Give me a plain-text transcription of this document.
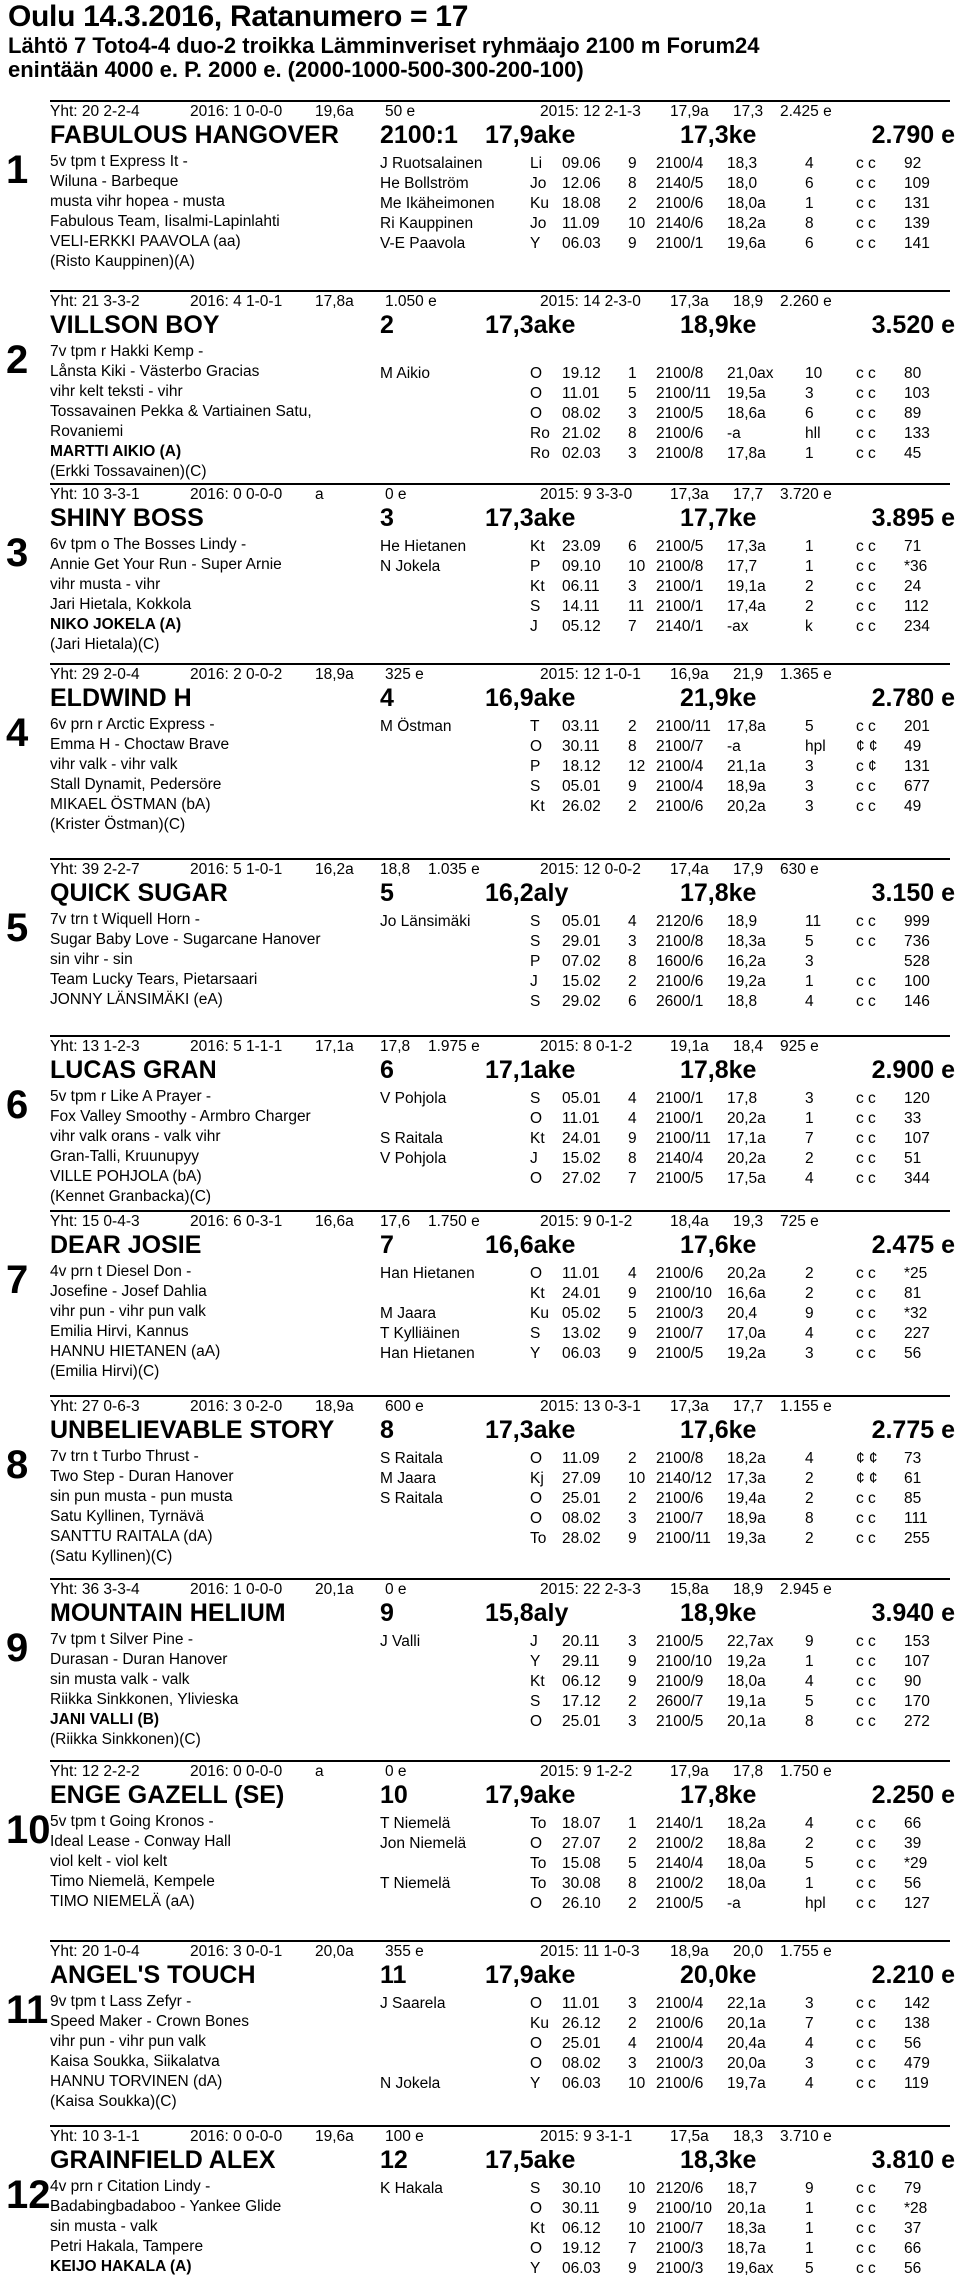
Oulu 14.3.2016, Ratanumero = 17
Lähtö 7 Toto4-4 duo-2 troikka Lämminveriset ryhmäajo 2100 m Forum24
enintään 4000 e. P. 2000 e. (2000-1000-500-300-200-100)
Yht: 20 2-2-4	2016: 1 0-0-0 19,6a 50 e	2015: 12 2-1-3 17,9a 17,3 2.425 e
FABULOUS HANGOVER 2100:1 17,9ake	17,3ke	2.790 e
1 5v tpm t Express It -
Wiluna - Barbeque
musta vihr hopea - musta
Fabulous Team, Iisalmi-Lapinlahti
VELI-ERKKI PAAVOLA (aa)
(Risto Kauppinen)(A)
J Ruotsalainen	Li 09.06 9 2100/4 18,3	4	c c 92
He Bollström	Jo 12.06 8 2140/5 18,0	6	c c 109
Me Ikäheimonen Ku 18.08 2 2100/6 18,0a	1	c c 131
Ri Kauppinen	Jo 11.09 10 2140/6 18,2a	8	c c 139
V-E Paavola	Y 06.03 9 2100/1 19,6a	6	c c 141
Yht: 21 3-3-2	2016: 4 1-0-1 17,8a 1.050 e	2015: 14 2-3-0 17,3a 18,9 2.260 e
VILLSON BOY	2	17,3ake	18,9ke	3.520 e
2 7v tpm r Hakki Kemp -
Lånsta Kiki - Västerbo Gracias
vihr kelt teksti - vihr
Tossavainen Pekka & Vartiainen Satu,
Rovaniemi
MARTTI AIKIO (A)
(Erkki Tossavainen)(C)
M Aikio	O 19.12 1 2100/8 21,0ax 10 c c 80
O 11.01 5 2100/11 19,5a	3	c c 103
O 08.02 3 2100/5 18,6a	6	c c 89
Ro 21.02 8 2100/6 -a	hll c c 133
Ro 02.03 3 2100/8 17,8a	1	c c 45
Yht: 10 3-3-1	2016: 0 0-0-0 a	0 e	2015: 9 3-3-0 17,3a 17,7 3.720 e
SHINY BOSS	3	17,3ake	17,7ke	3.895 e
3 6v tpm o The Bosses Lindy -
Annie Get Your Run - Super Arnie
vihr musta - vihr
Jari Hietala, Kokkola
NIKO JOKELA (A)
(Jari Hietala)(C)
He Hietanen	Kt 23.09 6 2100/5 17,3a	1	c c 71
N Jokela	P 09.10 10 2100/8 17,7	1	c c *36
Kt 06.11 3 2100/1 19,1a	2	c c 24
S 14.11 11 2100/1 17,4a	2	c c 112
J 05.12 7 2140/1 -ax	k	c c 234
Yht: 29 2-0-4	2016: 2 0-0-2 18,9a 325 e	2015: 12 1-0-1 16,9a 21,9 1.365 e
ELDWIND H	4	16,9ake	21,9ke	2.780 e
4 6v prn r Arctic Express -
Emma H - Choctaw Brave
vihr valk - vihr valk
Stall Dynamit, Pedersöre
MIKAEL ÖSTMAN (bA)
(Krister Östman)(C)
M Östman	T 03.11 2 2100/11 17,8a	5	c c 201
O 30.11 8 2100/7 -a	hpl ¢ ¢ 49
P 18.12 12 2100/4 21,1a	3	c ¢ 131
S 05.01 9 2100/4 18,9a	3	c c 677
Kt 26.02 2 2100/6 20,2a	3	c c 49
Yht: 39 2-2-7	2016: 5 1-0-1 16,2a 18,8 1.035 e	2015: 12 0-0-2 17,4a 17,9 630 e
QUICK SUGAR	5	16,2aly	17,8ke	3.150 e
5 7v trn t Wiquell Horn -
Sugar Baby Love - Sugarcane Hanover
sin vihr - sin
Team Lucky Tears, Pietarsaari
JONNY LÄNSIMÄKI (eA)
Jo Länsimäki	S 05.01 4 2120/6 18,9	11 c c 999
S 29.01 3 2100/8 18,3a	5	c c 736
P 07.02 8 1600/6 16,2a	3	528
J 15.02 2 2100/6 19,2a	1	c c 100
S 29.02 6 2600/1 18,8	4	c c 146
Yht: 13 1-2-3	2016: 5 1-1-1 17,1a 17,8 1.975 e	2015: 8 0-1-2 19,1a 18,4 925 e
LUCAS GRAN	6	17,1ake	17,8ke	2.900 e
6 5v tpm r Like A Prayer -
Fox Valley Smoothy - Armbro Charger
vihr valk orans - valk vihr
Gran-Talli, Kruunupyy
VILLE POHJOLA (bA)
(Kennet Granbacka)(C)
V Pohjola	S 05.01 4 2100/1 17,8	3	c c 120
O 11.01 4 2100/1 20,2a	1	c c 33
S Raitala	Kt 24.01 9 2100/11 17,1a	7	c c 107
V Pohjola	J 15.02 8 2140/4 20,2a	2	c c 51
O 27.02 7 2100/5 17,5a	4	c c 344
Yht: 15 0-4-3	2016: 6 0-3-1 16,6a 17,6 1.750 e	2015: 9 0-1-2 18,4a 19,3 725 e
DEAR JOSIE	7	16,6ake	17,6ke	2.475 e
7 4v prn t Diesel Don -
Josefine - Josef Dahlia
vihr pun - vihr pun valk
Emilia Hirvi, Kannus
HANNU HIETANEN (aA)
(Emilia Hirvi)(C)
Han Hietanen	O 11.01 4 2100/6 20,2a	2	c c *25
Kt 24.01 9 2100/10 16,6a	2	c c 81
M Jaara	Ku 05.02 5 2100/3 20,4	9	c c *32
T Kylliäinen	S 13.02 9 2100/7 17,0a	4	c c 227
Han Hietanen	Y 06.03 9 2100/5 19,2a	3	c c 56
Yht: 27 0-6-3	2016: 3 0-2-0 18,9a 600 e	2015: 13 0-3-1 17,3a 17,7 1.155 e
UNBELIEVABLE STORY 8	17,3ake	17,6ke	2.775 e
8 7v trn t Turbo Thrust -
Two Step - Duran Hanover
sin pun musta - pun musta
Satu Kyllinen, Tyrnävä
SANTTU RAITALA (dA)
(Satu Kyllinen)(C)
S Raitala	O 11.09 2 2100/8 18,2a	4	¢ ¢ 73
M Jaara	Kj 27.09 10 2140/12 17,3a	2	¢ ¢ 61
S Raitala	O 25.01 2 2100/6 19,4a	2	c c 85
O 08.02 3 2100/7 18,9a	8	c c 111
To 28.02 9 2100/11 19,3a	2	c c 255
Yht: 36 3-3-4	2016: 1 0-0-0 20,1a 0 e	2015: 22 2-3-3 15,8a 18,9 2.945 e
MOUNTAIN HELIUM	9	15,8aly	18,9ke	3.940 e
9 7v tpm t Silver Pine -
Durasan - Duran Hanover
sin musta valk - valk
Riikka Sinkkonen, Ylivieska
JANI VALLI (B)
(Riikka Sinkkonen)(C)
J Valli	J 20.11 3 2100/5 22,7ax 9	c c 153
Y 29.11 9 2100/10 19,2a	1	c c 107
Kt 06.12 9 2100/9 18,0a	4	c c 90
S 17.12 2 2600/7 19,1a	5	c c 170
O 25.01 3 2100/5 20,1a	8	c c 272
Yht: 12 2-2-2	2016: 0 0-0-0 a	0 e	2015: 9 1-2-2 17,9a 17,8 1.750 e
ENGE GAZELL (SE)	10	17,9ake	17,8ke	2.250 e
10 5v tpm t Going Kronos -
Ideal Lease - Conway Hall
viol kelt - viol kelt
Timo Niemelä, Kempele
TIMO NIEMELÄ (aA)
T Niemelä	To 18.07 1 2140/1 18,2a	4	c c 66
Jon Niemelä	O 27.07 2 2100/2 18,8a	2	c c 39
To 15.08 5 2140/4 18,0a	5	c c *29
T Niemelä	To 30.08 8 2100/2 18,0a	1	c c 56
O 26.10 2 2100/5 -a	hpl c c 127
Yht: 20 1-0-4	2016: 3 0-0-1 20,0a 355 e	2015: 11 1-0-3 18,9a 20,0 1.755 e
ANGEL'S TOUCH	11	17,9ake	20,0ke	2.210 e
11 9v tpm t Lass Zefyr -
Speed Maker - Crown Bones
vihr pun - vihr pun valk
Kaisa Soukka, Siikalatva
HANNU TORVINEN (dA)
(Kaisa Soukka)(C)
J Saarela	O 11.01 3 2100/4 22,1a	3	c c 142
Ku 26.12 2 2100/6 20,1a	7	c c 138
O 25.01 4 2100/4 20,4a	4	c c 56
O 08.02 3 2100/3 20,0a	3	c c 479
N Jokela	Y 06.03 10 2100/6 19,7a	4	c c 119
Yht: 10 3-1-1	2016: 0 0-0-0 19,6a 100 e	2015: 9 3-1-1 17,5a 18,3 3.710 e
GRAINFIELD ALEX	12	17,5ake	18,3ke	3.810 e
12 4v prn r Citation Lindy -
Badabingbadaboo - Yankee Glide
sin musta - valk
Petri Hakala, Tampere
KEIJO HAKALA (A)
K Hakala	S 30.10 10 2120/6 18,7	9	c c 79
O 30.11 9 2100/10 20,1a	1	c c *28
Kt 06.12 10 2100/7 18,3a	1	c c 37
O 19.12 7 2100/3 18,7a	1	c c 66
Y 06.03 9 2100/3 19,6ax 5	c c 56
